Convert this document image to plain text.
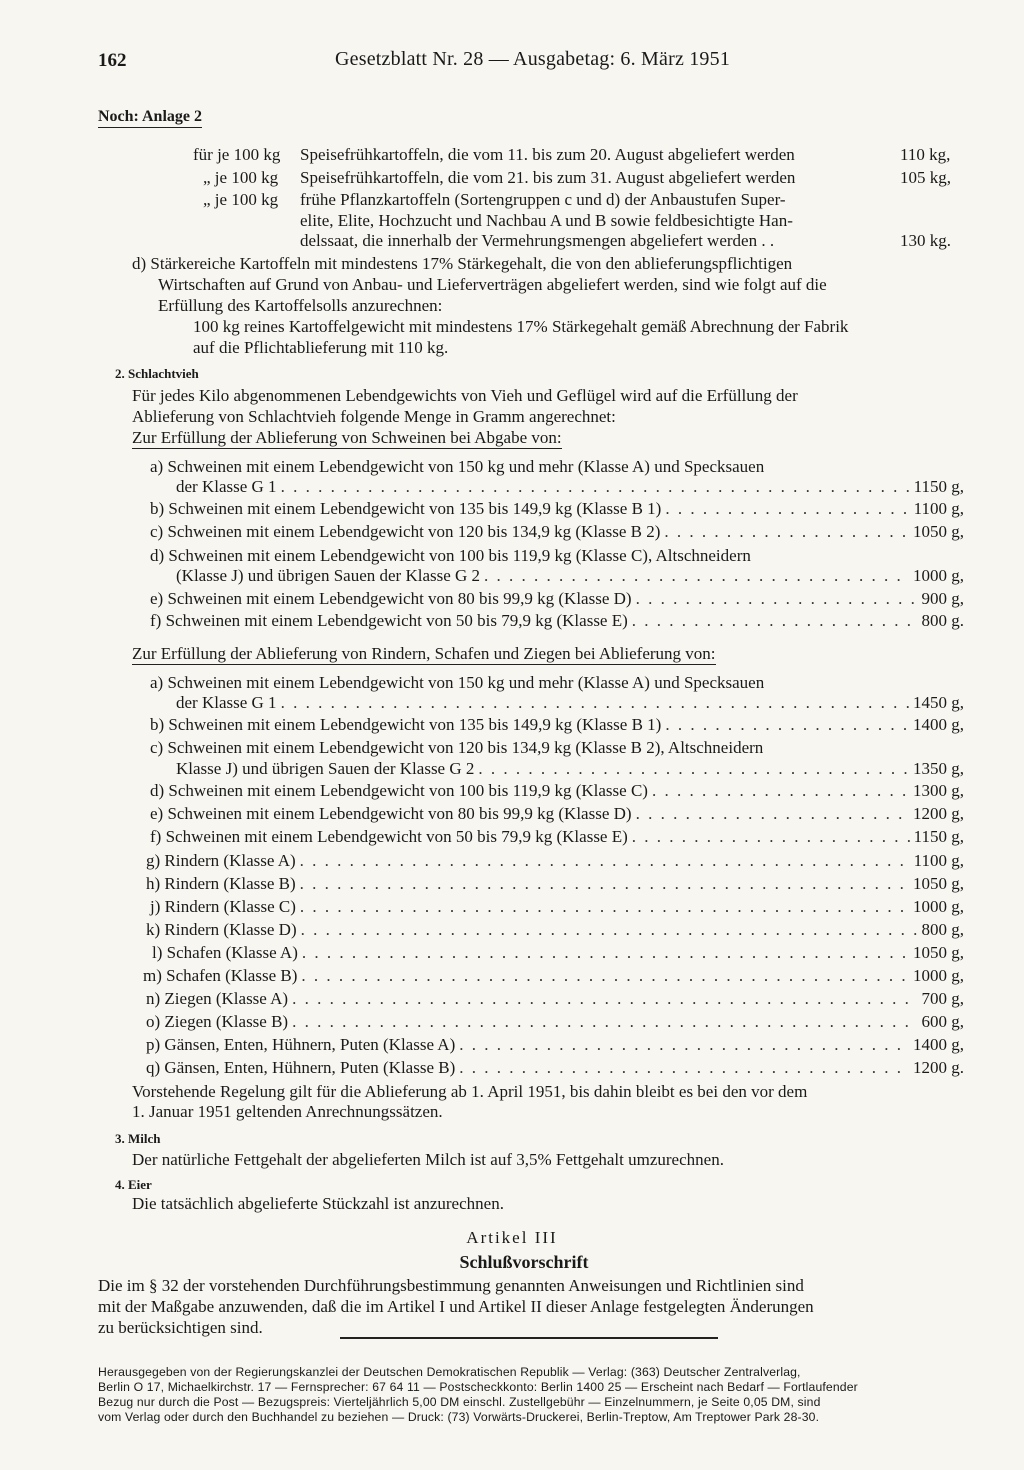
162	Gesetzblatt Nr. 28 — Ausgabetag: 6. März 1951
Noch: Anlage 2
für je 100 kg Speisefrühkartoffeln, die vom 11. bis zum 20. August abgeliefert werden	110 kg,
„ je 100 kg Speisefrühkartoffeln, die vom 21. bis zum 31. August abgeliefert werden	105 kg,
„ je 100 kg frühe Pflanzkartoffeln (Sortengruppen c und d) der Anbaustufen Super-
elite, Elite, Hochzucht und Nachbau A und B sowie feldbesichtigte Han-
delssaat, die innerhalb der Vermehrungsmengen abgeliefert werden . .	130 kg.
d) Stärkereiche Kartoffeln mit mindestens 17% Stärkegehalt, die von den ablieferungspflichtigen
Wirtschaften auf Grund von Anbau- und Lieferverträgen abgeliefert werden, sind wie folgt auf die
Erfüllung des Kartoffelsolls anzurechnen:
100 kg reines Kartoffelgewicht mit mindestens 17% Stärkegehalt gemäß Abrechnung der Fabrik
auf die Pflichtablieferung mit 110 kg.
2. Schlachtvieh
Für jedes Kilo abgenommenen Lebendgewichts von Vieh und Geflügel wird auf die Erfüllung der
Ablieferung von Schlachtvieh folgende Menge in Gramm angerechnet:
Zur Erfüllung der Ablieferung von Schweinen bei Abgabe von:
a) Schweinen mit einem Lebendgewicht von 150 kg und mehr (Klasse A) und Specksauen
der Klasse G 1 . . .	1150 g,
b) Schweinen mit einem Lebendgewicht von 135 bis 149,9 kg (Klasse B 1) . . .	1100 g,
c) Schweinen mit einem Lebendgewicht von 120 bis 134,9 kg (Klasse B 2) . . .	1050 g,
d) Schweinen mit einem Lebendgewicht von 100 bis 119,9 kg (Klasse C), Altschneidern
(Klasse J) und übrigen Sauen der Klasse G 2 . . .	1000 g,
e) Schweinen mit einem Lebendgewicht von 80 bis 99,9 kg (Klasse D) . . .	900 g,
f) Schweinen mit einem Lebendgewicht von 50 bis 79,9 kg (Klasse E) . . .	800 g.
Zur Erfüllung der Ablieferung von Rindern, Schafen und Ziegen bei Ablieferung von:
a) Schweinen mit einem Lebendgewicht von 150 kg und mehr (Klasse A) und Specksauen
der Klasse G 1 . . .	1450 g,
b) Schweinen mit einem Lebendgewicht von 135 bis 149,9 kg (Klasse B 1) . . .	1400 g,
c) Schweinen mit einem Lebendgewicht von 120 bis 134,9 kg (Klasse B 2), Altschneidern
Klasse J) und übrigen Sauen der Klasse G 2 . . .	1350 g,
d) Schweinen mit einem Lebendgewicht von 100 bis 119,9 kg (Klasse C) . . .	1300 g,
e) Schweinen mit einem Lebendgewicht von 80 bis 99,9 kg (Klasse D) . . .	1200 g,
f) Schweinen mit einem Lebendgewicht von 50 bis 79,9 kg (Klasse E) . . .	1150 g,
g) Rindern (Klasse A) . . .	1100 g,
h) Rindern (Klasse B) . . .	1050 g,
j) Rindern (Klasse C) . . .	1000 g,
k) Rindern (Klasse D) . . .	800 g,
l) Schafen (Klasse A) . . .	1050 g,
m) Schafen (Klasse B) . . .	1000 g,
n) Ziegen (Klasse A) . . .	700 g,
o) Ziegen (Klasse B) . . .	600 g,
p) Gänsen, Enten, Hühnern, Puten (Klasse A) . . .	1400 g,
q) Gänsen, Enten, Hühnern, Puten (Klasse B) . . .	1200 g.
Vorstehende Regelung gilt für die Ablieferung ab 1. April 1951, bis dahin bleibt es bei den vor dem
1. Januar 1951 geltenden Anrechnungssätzen.
3. Milch
Der natürliche Fettgehalt der abgelieferten Milch ist auf 3,5% Fettgehalt umzurechnen.
4. Eier
Die tatsächlich abgelieferte Stückzahl ist anzurechnen.
Artikel III
Schlußvorschrift
Die im § 32 der vorstehenden Durchführungsbestimmung genannten Anweisungen und Richtlinien sind
mit der Maßgabe anzuwenden, daß die im Artikel I und Artikel II dieser Anlage festgelegten Änderungen
zu berücksichtigen sind.
Herausgegeben von der Regierungskanzlei der Deutschen Demokratischen Republik — Verlag: (363) Deutscher Zentralverlag,
Berlin O 17, Michaelkirchstr. 17 — Fernsprecher: 67 64 11 — Postscheckkonto: Berlin 1400 25 — Erscheint nach Bedarf — Fortlaufender
Bezug nur durch die Post — Bezugspreis: Vierteljährlich 5,00 DM einschl. Zustellgebühr — Einzelnummern, je Seite 0,05 DM, sind
vom Verlag oder durch den Buchhandel zu beziehen — Druck: (73) Vorwärts-Druckerei, Berlin-Treptow, Am Treptower Park 28-30.
